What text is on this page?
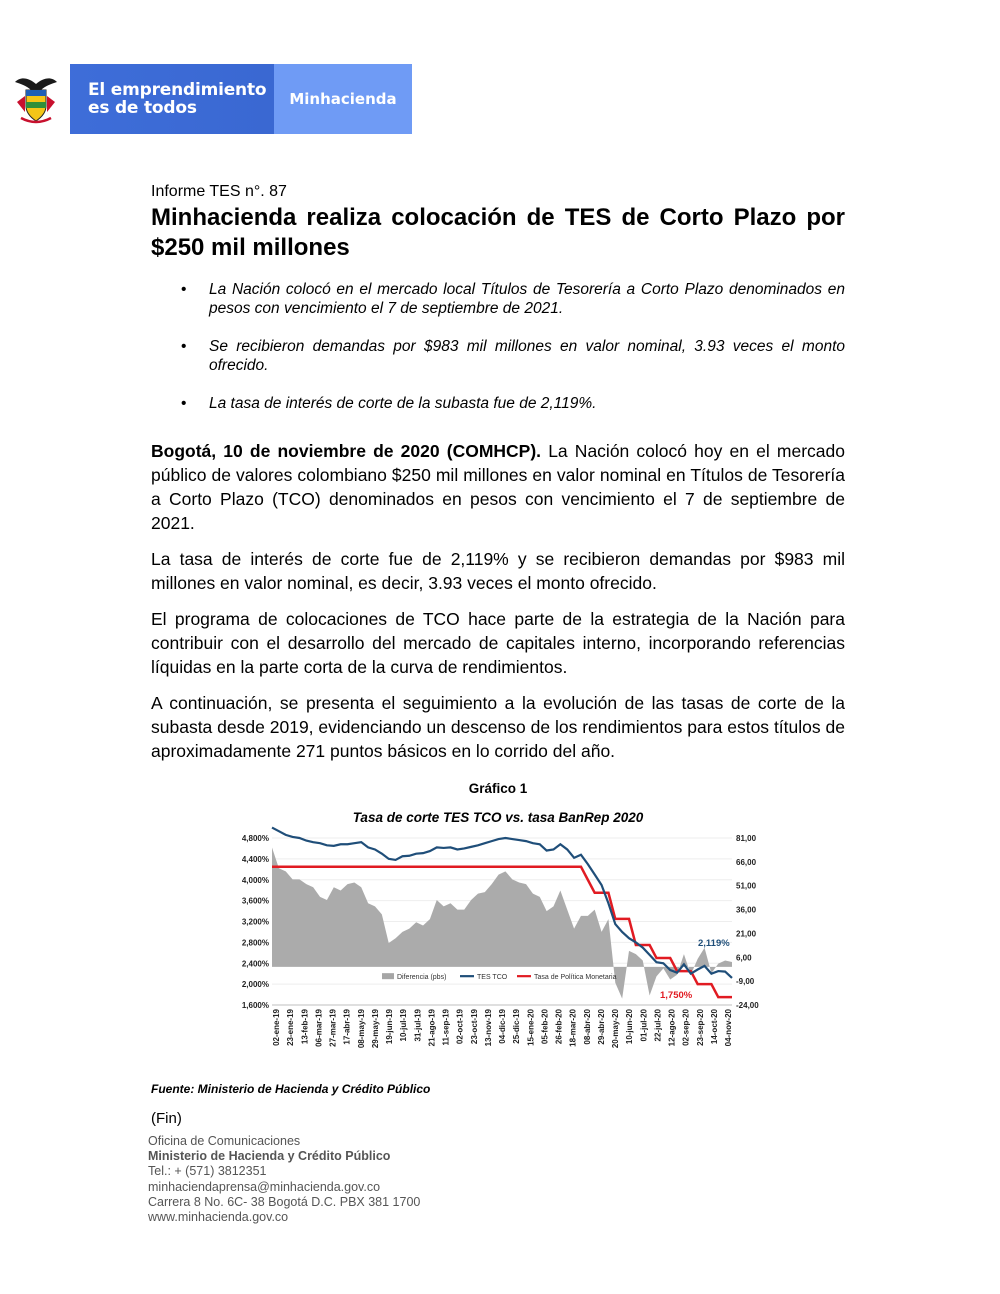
El emprendimiento
es de todos	Minhacienda
Informe TES n°. 87
Minhacienda realiza colocación de TES de Corto Plazo por $250 mil millones
• La Nación colocó en el mercado local Títulos de Tesorería a Corto Plazo denominados en pesos con vencimiento el 7 de septiembre de 2021.
• Se recibieron demandas por $983 mil millones en valor nominal, 3.93 veces el monto ofrecido.
• La tasa de interés de corte de la subasta fue de 2,119%.

Bogotá, 10 de noviembre de 2020 (COMHCP). La Nación colocó hoy en el mercado público de valores colombiano $250 mil millones en valor nominal en Títulos de Tesorería a Corto Plazo (TCO) denominados en pesos con vencimiento el 7 de septiembre de 2021.

La tasa de interés de corte fue de 2,119% y se recibieron demandas por $983 mil millones en valor nominal, es decir, 3.93 veces el monto ofrecido.

El programa de colocaciones de TCO hace parte de la estrategia de la Nación para contribuir con el desarrollo del mercado de capitales interno, incorporando referencias líquidas en la parte corta de la curva de rendimientos.

A continuación, se presenta el seguimiento a la evolución de las tasas de corte de la subasta desde 2019, evidenciando un descenso de los rendimientos para estos títulos de aproximadamente 271 puntos básicos en lo corrido del año.

Gráfico 1
Tasa de corte TES TCO vs. tasa BanRep 2020
4,800%
4,400%
4,000%
3,600%
3,200%
2,800%
2,400%
2,000%
1,600%
81,00
66,00
51,00
36,00
21,00
6,00
-9,00
-24,00
02-ene-19 23-ene-19 13-feb-19 06-mar-19 27-mar-19 17-abr-19 08-may-19 29-may-19 19-jun-19 10-jul-19 31-jul-19 21-ago-19 11-sep-19 02-oct-19 23-oct-19 13-nov-19 04-dic-19 25-dic-19 15-ene-20 05-feb-20 26-feb-20 18-mar-20 08-abr-20 29-abr-20 20-may-20 10-jun-20 01-jul-20 22-jul-20 12-ago-20 02-sep-20 23-sep-20 14-oct-20 04-nov-20
Diferencia (pbs)	TES TCO	Tasa de Política Monetaria
2,119%
1,750%
Fuente: Ministerio de Hacienda y Crédito Público
(Fin)
Oficina de Comunicaciones
Ministerio de Hacienda y Crédito Público
Tel.: + (571) 3812351
minhaciendaprensa@minhacienda.gov.co
Carrera 8 No. 6C- 38 Bogotá D.C. PBX 381 1700
www.minhacienda.gov.co
